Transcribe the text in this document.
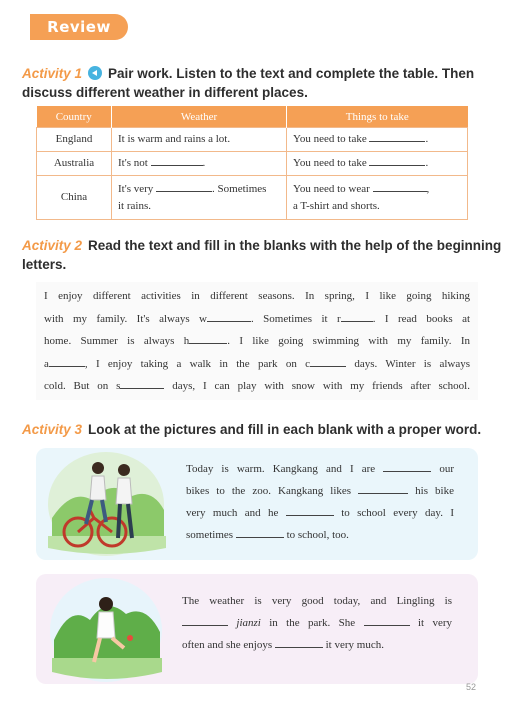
Review
Activity 1 Pair work. Listen to the text and complete the table. Then
discuss different weather in different places.
Country	Weather	Things to take
England	It is warm and rains a lot.	You need to take .
Australia	It's not .	You need to take .
China	It's very . Sometimes
it rains.	You need to wear ,
a T-shirt and shorts.
Activity 2 Read the text and fill in the blanks with the help of the beginning
letters.

I enjoy different activities in different seasons. In spring, I like going hiking

with my family. It's always w	. Sometimes it r	. I read books at

home. Summer is always h	. I like going swimming with my family. In

a	, I enjoy taking a walk in the park on c	days. Winter is always

cold. But on s	days, I can play with snow with my friends after school.

Activity 3 Look at the pictures and fill in each blank with a proper word.

Today is warm. Kangkang and I are	our

bikes to the zoo. Kangkang likes	his bike

very much and he	to school every day. I

sometimes	to school, too.

The weather is very good today, and Lingling is

jianzi in the park. She	it very

often and she enjoys	it very much.

52
